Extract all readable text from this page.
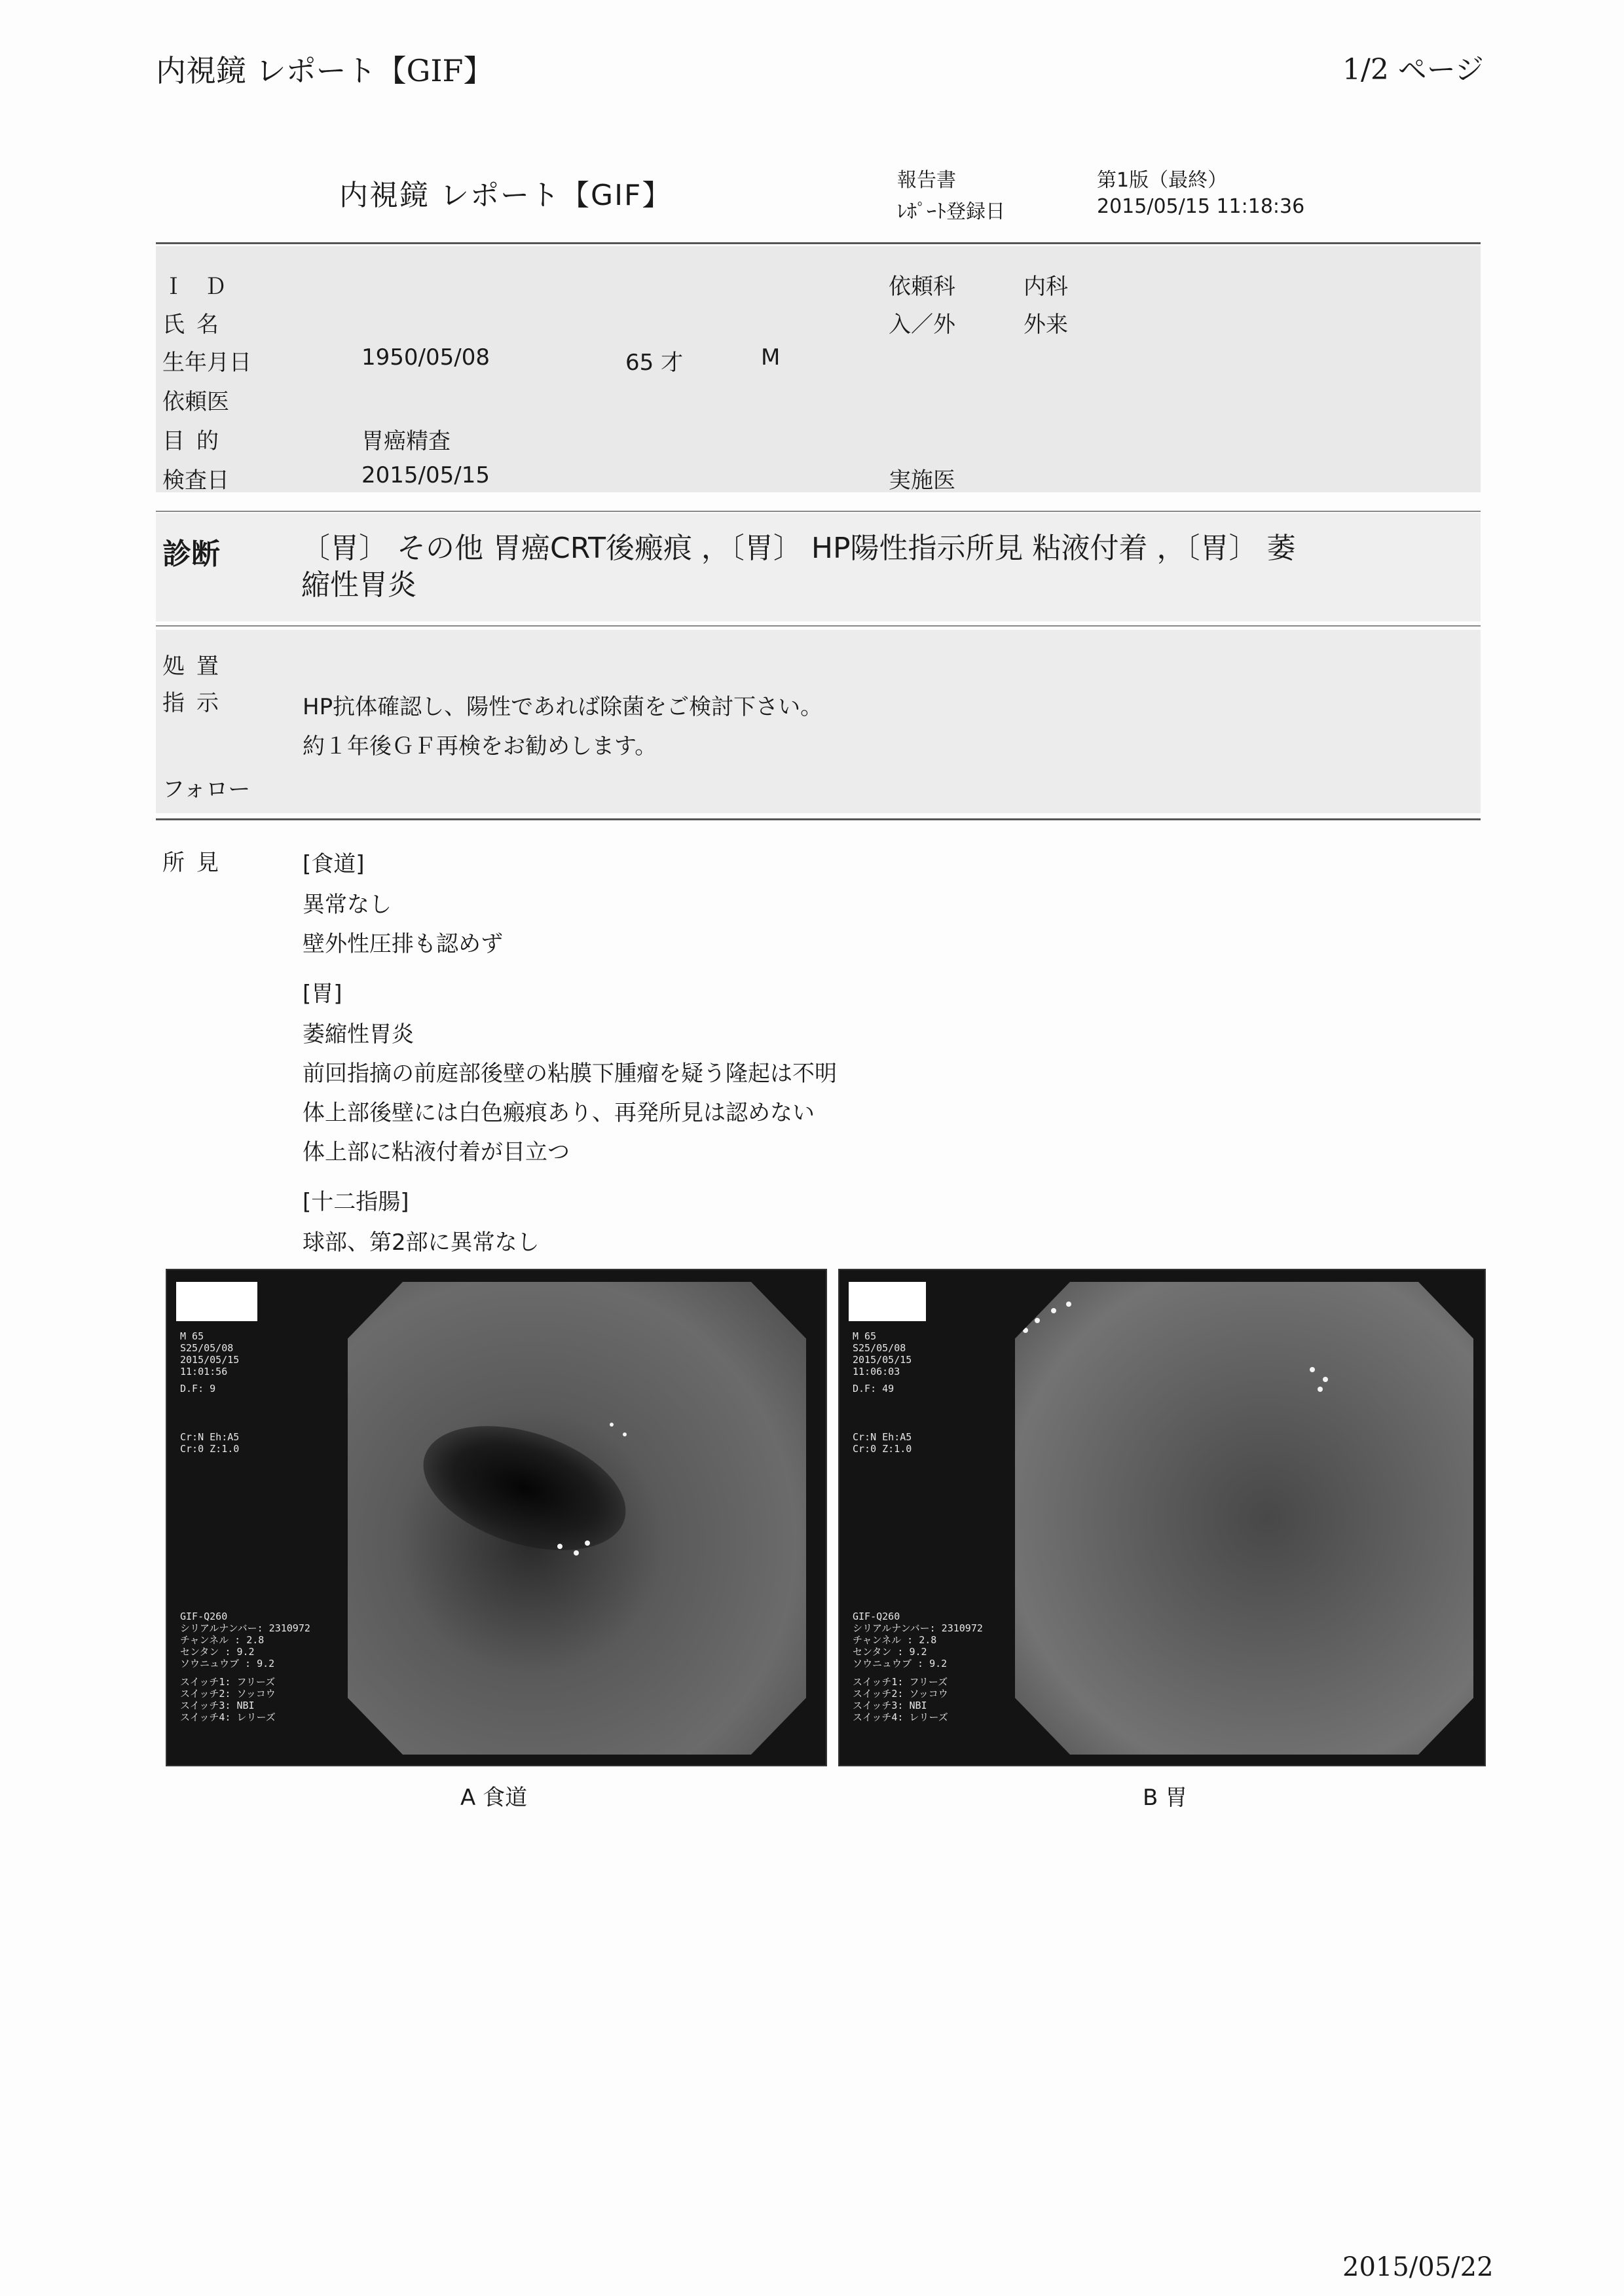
内視鏡 レポート【GIF】	1/2 ページ
内視鏡 レポート【GIF】	報告書	第1版（最終）
ﾚﾎﾟｰﾄ登録日	2015/05/15 11:18:36
ＩＤ
氏名
生年月日	1950/05/08	65 才	M
依頼医
目的	胃癌精査
検査日	2015/05/15
依頼科	内科
入／外	外来
実施医
診断	〔胃〕 その他 胃癌CRT後瘢痕 ，〔胃〕 HP陽性指示所見 粘液付着 ，〔胃〕 萎
縮性胃炎
処置
指示	HP抗体確認し、陽性であれば除菌をご検討下さい。
約１年後ＧＦ再検をお勧めします。
フォロー
所見	[食道]
異常なし
壁外性圧排も認めず
[胃]
萎縮性胃炎
前回指摘の前庭部後壁の粘膜下腫瘤を疑う隆起は不明
体上部後壁には白色瘢痕あり、再発所見は認めない
体上部に粘液付着が目立つ
[十二指腸]
球部、第2部に異常なし
M 65
S25/05/08
2015/05/15
11:01:56
D.F: 9
Cr:N Eh:A5
Cr:0 Z:1.0
GIF-Q260
シリアルナンバー: 2310972
チャンネル : 2.8
センタン : 9.2
ソウニュウブ : 9.2
スイッチ1: フリーズ
スイッチ2: ソッコウ
スイッチ3: NBI
スイッチ4: レリーズ
A 食道
M 65
S25/05/08
2015/05/15
11:06:03
D.F: 49
Cr:N Eh:A5
Cr:0 Z:1.0
GIF-Q260
シリアルナンバー: 2310972
チャンネル : 2.8
センタン : 9.2
ソウニュウブ : 9.2
スイッチ1: フリーズ
スイッチ2: ソッコウ
スイッチ3: NBI
スイッチ4: レリーズ
B 胃
2015/05/22
